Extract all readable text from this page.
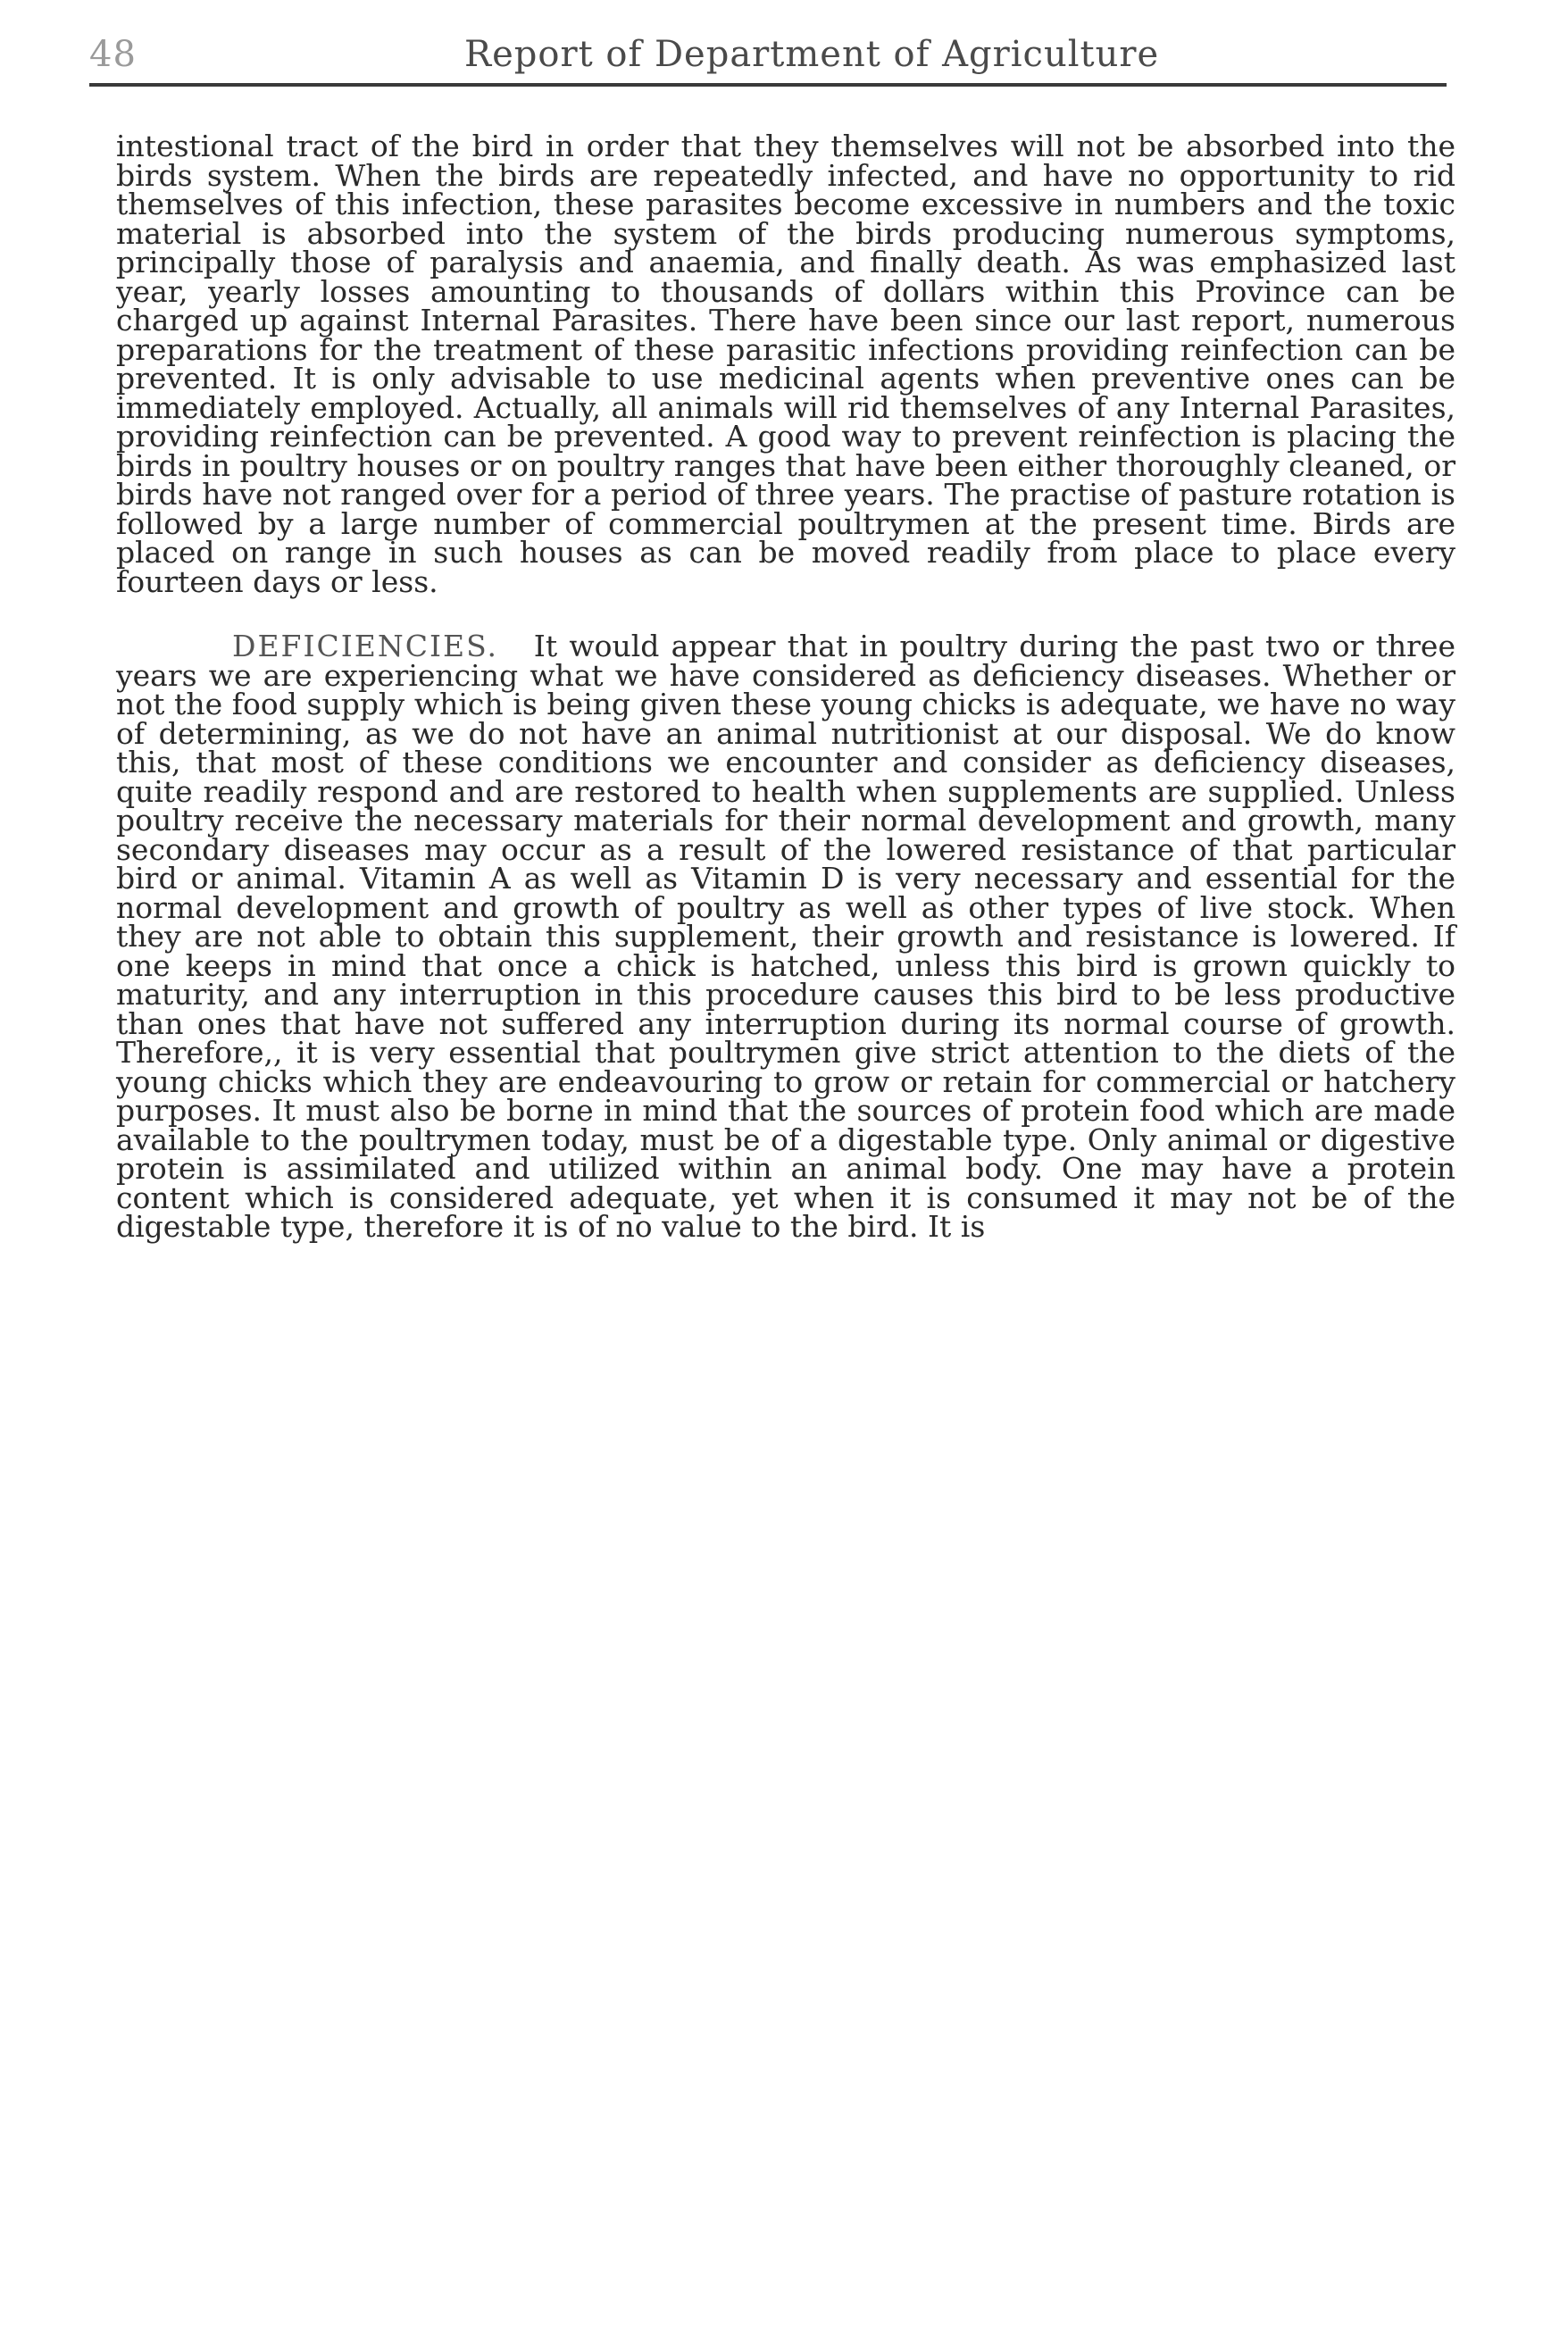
48	Report of Department of Agriculture

intestional tract of the bird in order that they themselves will not be absorbed into the birds system. When the birds are repeatedly infected, and have no opportunity to rid themselves of this infection, these parasites become excessive in numbers and the toxic material is absorbed into the system of the birds producing numerous symptoms, principally those of paralysis and anaemia, and finally death. As was emphasized last year, yearly losses amounting to thousands of dollars within this Province can be charged up against Internal Parasites. There have been since our last report, numerous preparations for the treatment of these parasitic infections providing reinfection can be prevented. It is only advisable to use medicinal agents when preventive ones can be immediately employed. Actually, all animals will rid themselves of any Internal Parasites, providing reinfection can be prevented. A good way to prevent reinfection is placing the birds in poultry houses or on poultry ranges that have been either thoroughly cleaned, or birds have not ranged over for a period of three years. The practise of pasture rotation is followed by a large number of commercial poultrymen at the present time. Birds are placed on range in such houses as can be moved readily from place to place every fourteen days or less.

DEFICIENCIES. It would appear that in poultry during the past two or three years we are experiencing what we have considered as deficiency diseases. Whether or not the food supply which is being given these young chicks is adequate, we have no way of determining, as we do not have an animal nutritionist at our disposal. We do know this, that most of these conditions we encounter and consider as deficiency diseases, quite readily respond and are restored to health when supplements are supplied. Unless poultry receive the necessary materials for their normal development and growth, many secondary diseases may occur as a result of the lowered resistance of that particular bird or animal. Vitamin A as well as Vitamin D is very necessary and essential for the normal development and growth of poultry as well as other types of live stock. When they are not able to obtain this supplement, their growth and resistance is lowered. If one keeps in mind that once a chick is hatched, unless this bird is grown quickly to maturity, and any interruption in this procedure causes this bird to be less productive than ones that have not suffered any interruption during its normal course of growth. Therefore,, it is very essential that poultrymen give strict attention to the diets of the young chicks which they are endeavouring to grow or retain for commercial or hatchery purposes. It must also be borne in mind that the sources of protein food which are made available to the poultrymen today, must be of a digestable type. Only animal or digestive protein is assimilated and utilized within an animal body. One may have a protein content which is considered adequate, yet when it is consumed it may not be of the digestable type, therefore it is of no value to the bird. It is
